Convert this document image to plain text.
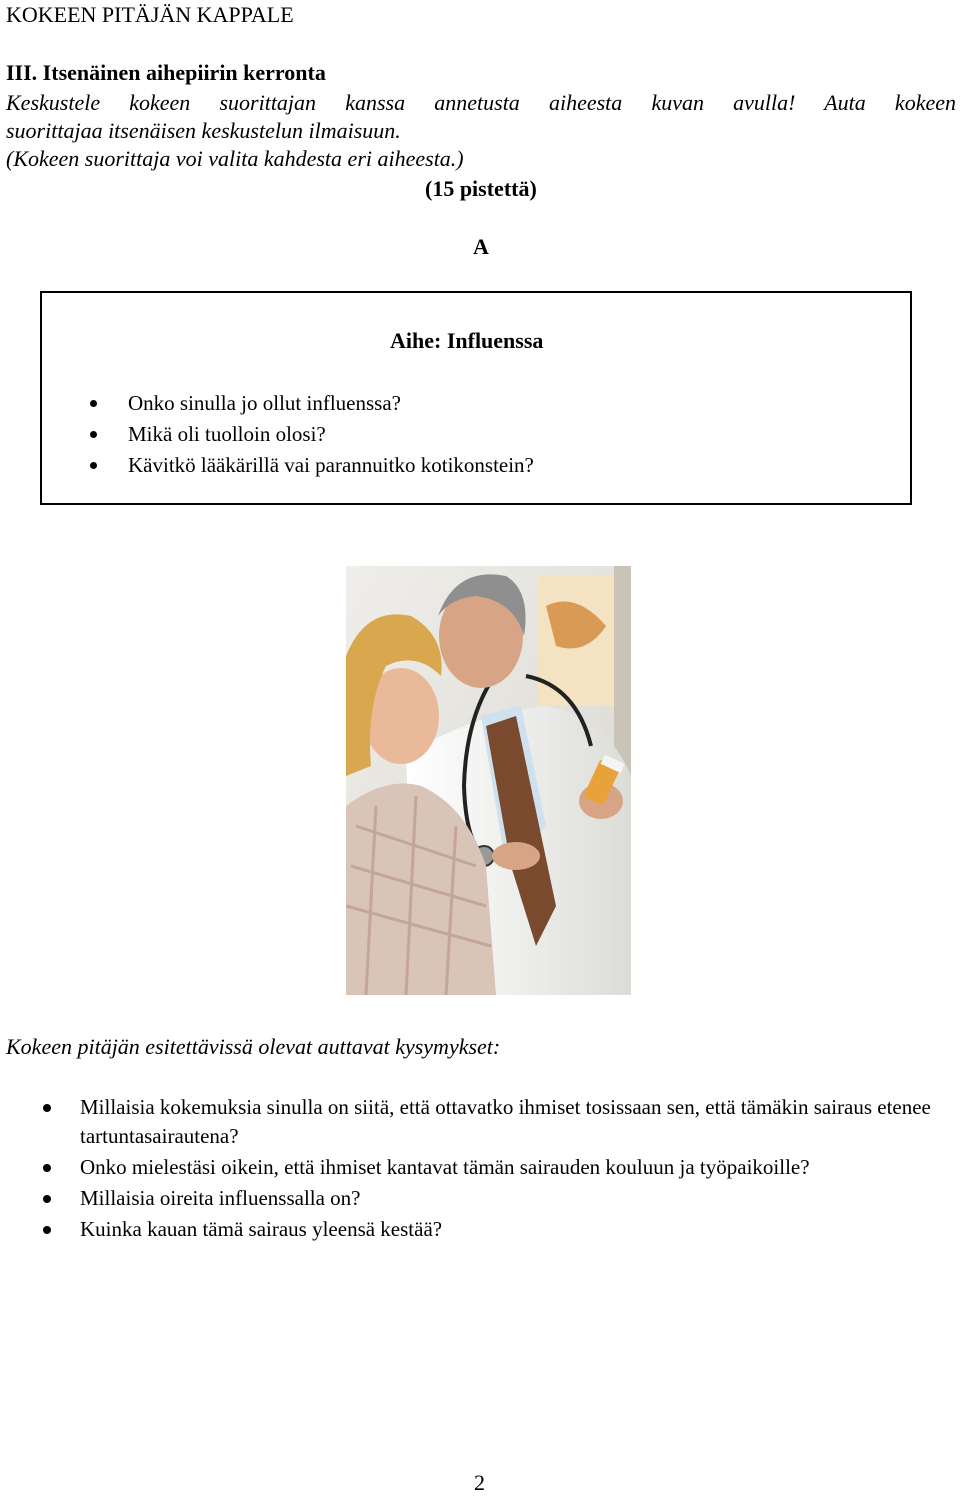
KOKEEN PITÄJÄN KAPPALE
III. Itsenäinen aihepiirin kerronta
Keskustele kokeen suorittajan kanssa annetusta aiheesta kuvan avulla! Auta kokeen
suorittajaa itsenäisen keskustelun ilmaisuun.
(Kokeen suorittaja voi valita kahdesta eri aiheesta.)
(15 pistettä)
A
Aihe: Influenssa
Onko sinulla jo ollut influenssa?
Mikä oli tuolloin olosi?
Kävitkö lääkärillä vai parannuitko kotikonstein?
Kokeen pitäjän esitettävissä olevat auttavat kysymykset:
Millaisia kokemuksia sinulla on siitä, että ottavatko ihmiset tosissaan sen, että tämäkin sairaus etenee tartuntasairautena?
Onko mielestäsi oikein, että ihmiset kantavat tämän sairauden kouluun ja työpaikoille?
Millaisia oireita influenssalla on?
Kuinka kauan tämä sairaus yleensä kestää?
2
